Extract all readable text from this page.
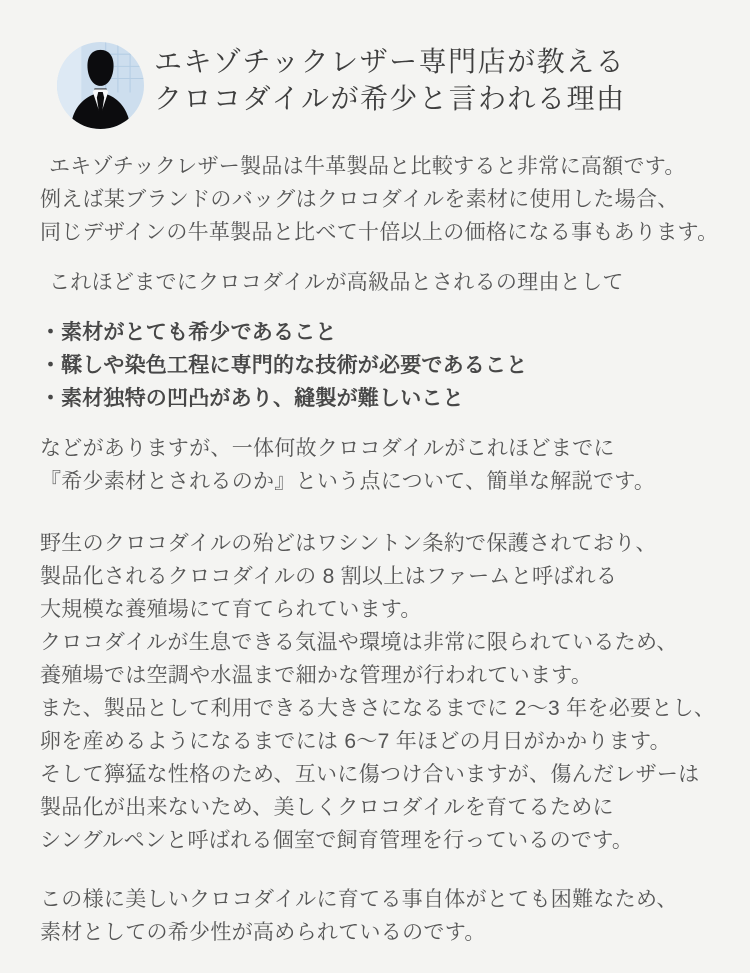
エキゾチックレザー専門店が教える
クロコダイルが希少と言われる理由
エキゾチックレザー製品は牛革製品と比較すると非常に高額です。
例えば某ブランドのバッグはクロコダイルを素材に使用した場合、
同じデザインの牛革製品と比べて十倍以上の価格になる事もあります。

これほどまでにクロコダイルが高級品とされるの理由として

・ 素材がとても希少であること
・ 鞣しや染色工程に専門的な技術が必要であること
・ 素材独特の凹凸があり、縫製が難しいこと
などがありますが、一体何故クロコダイルがこれほどまでに
『希少素材とされるのか』という点について、簡単な解説です。
野生のクロコダイルの殆どはワシントン条約で保護されており、
製品化されるクロコダイルの 8 割以上はファームと呼ばれる
大規模な養殖場にて育てられています。
クロコダイルが生息できる気温や環境は非常に限られているため、
養殖場では空調や水温まで細かな管理が行われています。
また、製品として利用できる大きさになるまでに 2～3 年を必要とし、
卵を産めるようになるまでには 6～7 年ほどの月日がかかります。
そして獰猛な性格のため、互いに傷つけ合いますが、傷んだレザーは
製品化が出来ないため、美しくクロコダイルを育てるために
シングルペンと呼ばれる個室で飼育管理を行っているのです。
この様に美しいクロコダイルに育てる事自体がとても困難なため、
素材としての希少性が高められているのです。
